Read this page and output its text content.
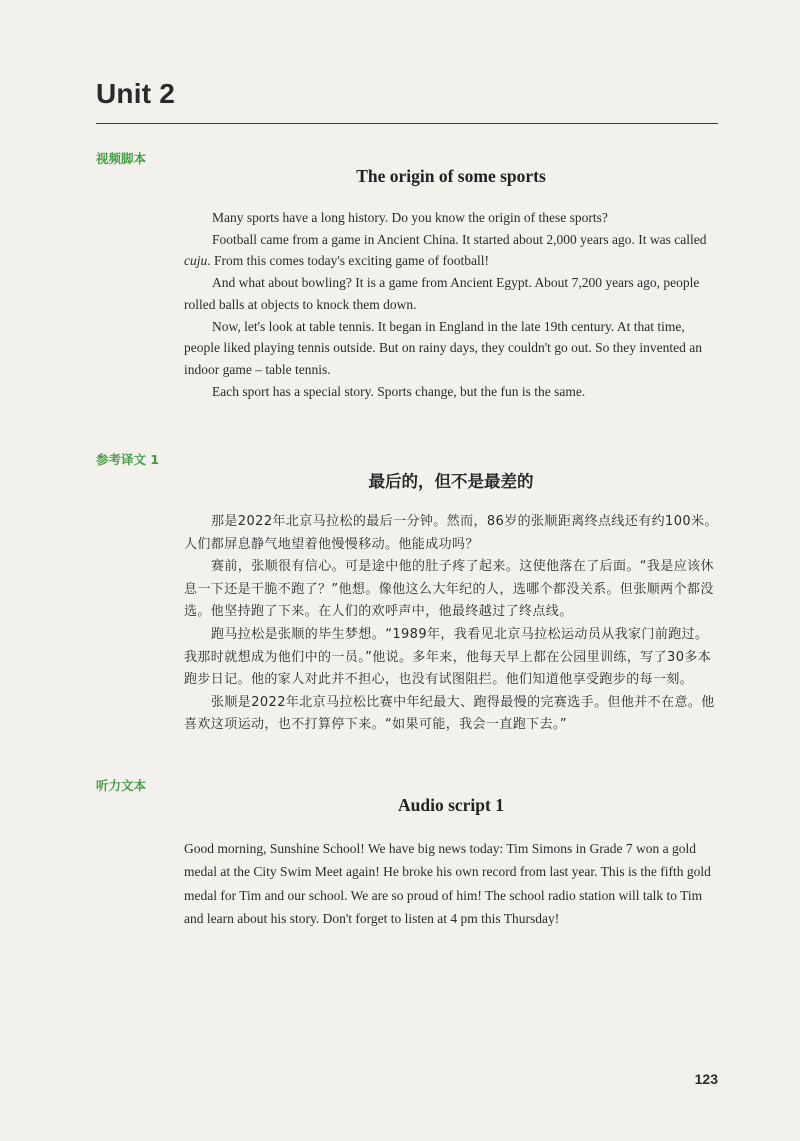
Unit 2
视频脚本
The origin of some sports

Many sports have a long history. Do you know the origin of these sports?

Football came from a game in Ancient China. It started about 2,000 years ago. It was called cuju. From this comes today's exciting game of football!

And what about bowling? It is a game from Ancient Egypt. About 7,200 years ago, people rolled balls at objects to knock them down.

Now, let's look at table tennis. It began in England in the late 19th century. At that time, people liked playing tennis outside. But on rainy days, they couldn't go out. So they invented an indoor game – table tennis.

Each sport has a special story. Sports change, but the fun is the same.

参考译文 1
最后的，但不是最差的

那是2022年北京马拉松的最后一分钟。然而，86岁的张顺距离终点线还有约100米。人们都屏息静气地望着他慢慢移动。他能成功吗？

赛前，张顺很有信心。可是途中他的肚子疼了起来。这使他落在了后面。“我是应该休息一下还是干脆不跑了？”他想。像他这么大年纪的人，选哪个都没关系。但张顺两个都没选。他坚持跑了下来。在人们的欢呼声中，他最终越过了终点线。

跑马拉松是张顺的毕生梦想。“1989年，我看见北京马拉松运动员从我家门前跑过。我那时就想成为他们中的一员。”他说。多年来，他每天早上都在公园里训练，写了30多本跑步日记。他的家人对此并不担心，也没有试图阻拦。他们知道他享受跑步的每一刻。

张顺是2022年北京马拉松比赛中年纪最大、跑得最慢的完赛选手。但他并不在意。他喜欢这项运动，也不打算停下来。“如果可能，我会一直跑下去。”

听力文本
Audio script 1

Good morning, Sunshine School! We have big news today: Tim Simons in Grade 7 won a gold medal at the City Swim Meet again! He broke his own record from last year. This is the fifth gold medal for Tim and our school. We are so proud of him! The school radio station will talk to Tim and learn about his story. Don't forget to listen at 4 pm this Thursday!

123
